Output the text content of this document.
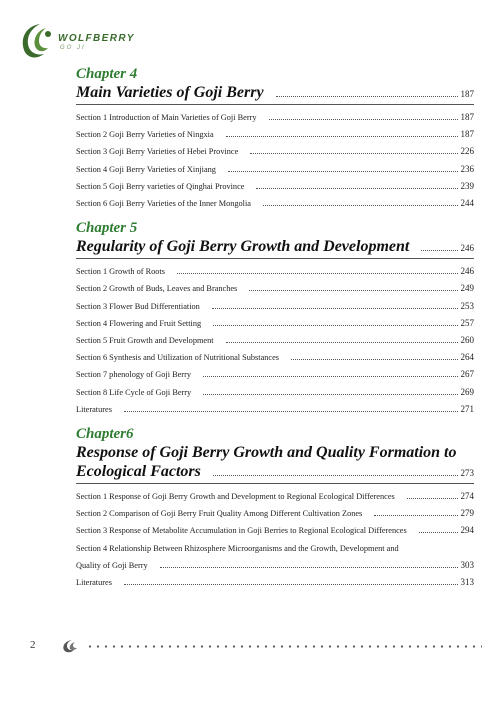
WOLFBERRY
GO JI
Chapter 4
Main Varieties of Goji Berry	187
Section 1 Introduction of Main Varieties of Goji Berry	187
Section 2 Goji Berry Varieties of Ningxia	187
Section 3 Goji Berry Varieties of Hebei Province	226
Section 4 Goji Berry Varieties of Xinjiang	236
Section 5 Goji Berry varieties of Qinghai Province	239
Section 6 Goji Berry Varieties of the Inner Mongolia	244
Chapter 5
Regularity of Goji Berry Growth and Development	246
Section 1 Growth of Roots	246
Section 2 Growth of Buds, Leaves and Branches	249
Section 3 Flower Bud Differentiation	253
Section 4 Flowering and Fruit Setting	257
Section 5 Fruit Growth and Development	260
Section 6 Synthesis and Utilization of Nutritional Substances	264
Section 7 phenology of Goji Berry	267
Section 8 Life Cycle of Goji Berry	269
Literatures	271
Chapter6
Response of Goji Berry Growth and Quality Formation to
Ecological Factors	273
Section 1 Response of Goji Berry Growth and Development to Regional Ecological Differences	274
Section 2 Comparison of Goji Berry Fruit Quality Among Different Cultivation Zones	279
Section 3 Response of Metabolite Accumulation in Goji Berries to Regional Ecological Differences	294
Section 4 Relationship Between Rhizosphere Microorganisms and the Growth, Development and
Quality of Goji Berry	303
Literatures	313
2
